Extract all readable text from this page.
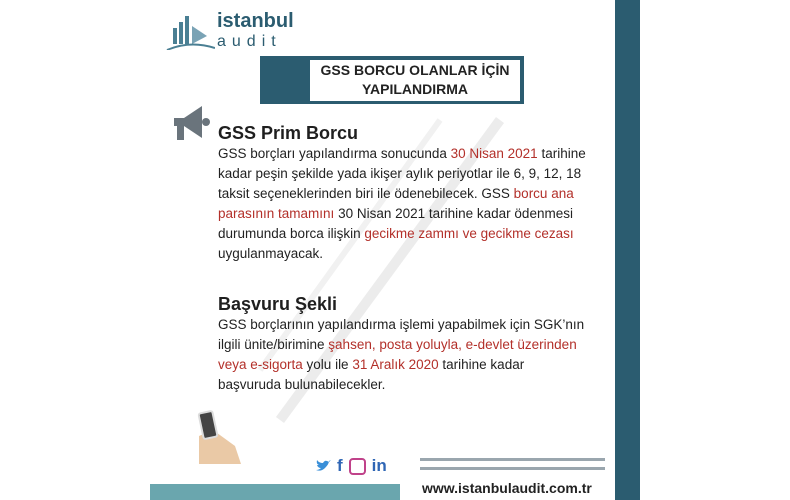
istanbul
audit
GSS BORCU OLANLAR İÇİN
YAPILANDIRMA
GSS Prim Borcu
GSS borçları yapılandırma sonucunda 30 Nisan 2021 tarihine kadar peşin şekilde yada ikişer aylık periyotlar ile 6, 9, 12, 18 taksit seçeneklerinden biri ile ödenebilecek. GSS borcu ana parasının tamamını 30 Nisan 2021 tarihine kadar ödenmesi durumunda borca ilişkin gecikme zammı ve gecikme cezası uygulanmayacak.
Başvuru Şekli
GSS borçlarının yapılandırma işlemi yapabilmek için SGK’nın ilgili ünite/birimine şahsen, posta yoluyla, e-devlet üzerinden veya e-sigorta yolu ile 31 Aralık 2020 tarihine kadar başvuruda bulunabilecekler.
f in
www.istanbulaudit.com.tr
